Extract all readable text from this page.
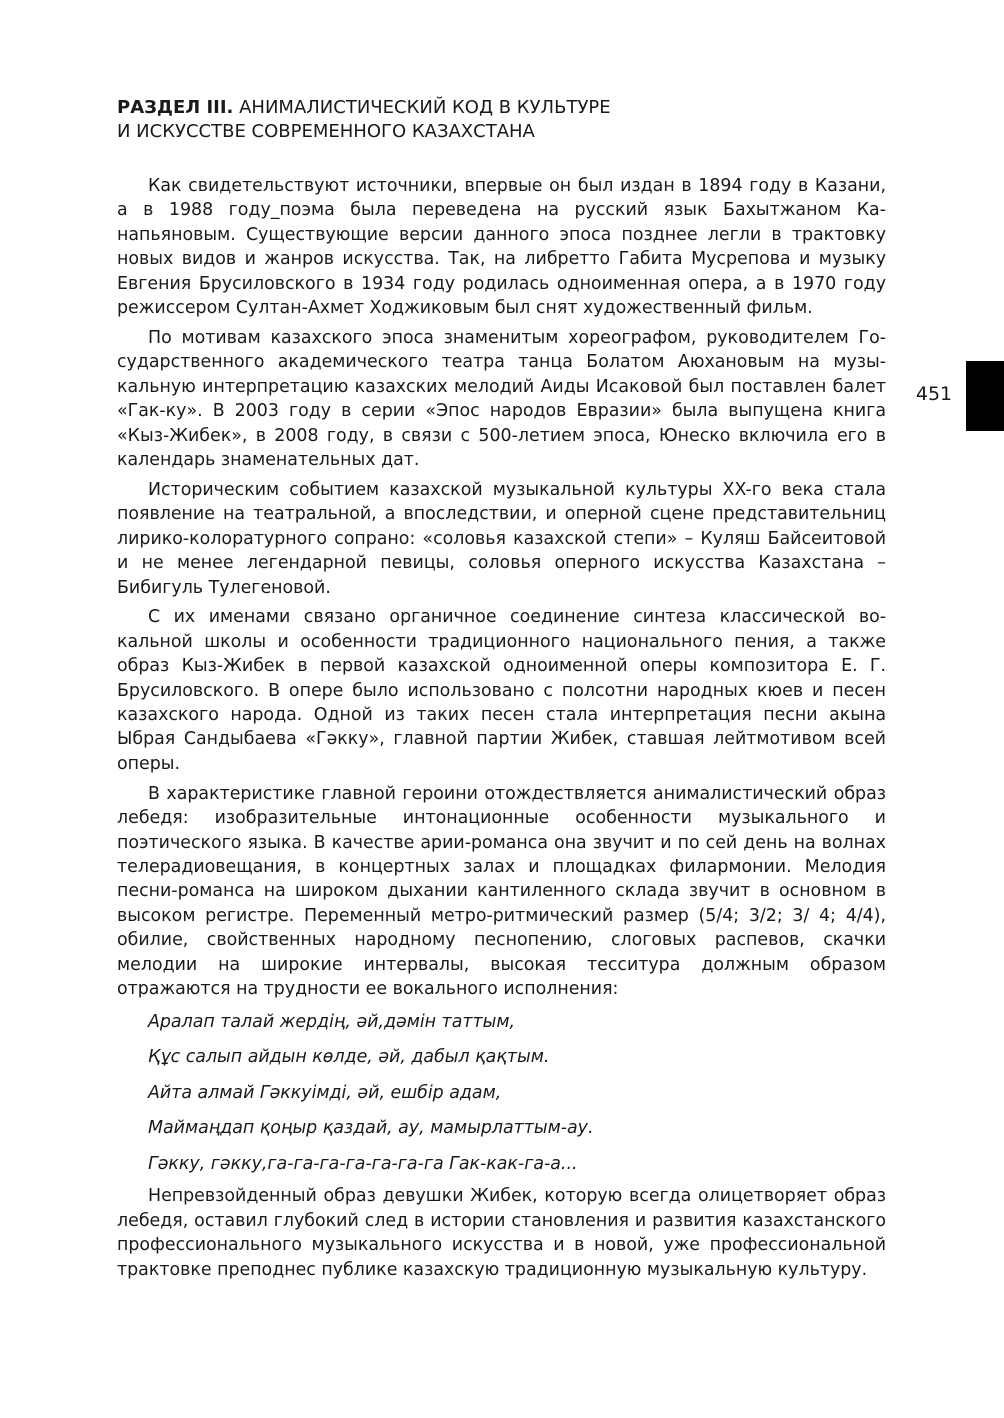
РАЗДЕЛ III. АНИМАЛИСТИЧЕСКИЙ КОД В КУЛЬТУРЕ
И ИСКУССТВЕ СОВРЕМЕННОГО КАЗАХСТАНА
451

Как свидетельствуют источники, впервые он был издан в 1894 году в Казани, а в 1988 году_поэма была переведена на русский язык Бахытжаном Канапьяновым. Существующие версии данного эпоса позднее легли в трактовку новых видов и жанров искусства. Так, на либретто Габита Мусрепова и музыку Евгения Брусиловского в 1934 году родилась одноименная опера, а в 1970 году режиссером Султан-Ахмет Ходжиковым был снят художественный фильм.

По мотивам казахского эпоса знаменитым хореографом, руководителем Государственного академического театра танца Болатом Аюхановым на музыкальную интерпретацию казахских мелодий Аиды Исаковой был поставлен балет «Гак-ку». В 2003 году в серии «Эпос народов Евразии» была выпущена книга «Кыз-Жибек», в 2008 году, в связи с 500-летием эпоса, Юнеско включила его в календарь знаменательных дат.

Историческим событием казахской музыкальной культуры XX-го века стала появление на театральной, а впоследствии, и оперной сцене представительниц лирико-колоратурного сопрано: «соловья казахской степи» – Куляш Байсеитовой и не менее легендарной певицы, соловья оперного искусства Казахстана – Бибигуль Тулегеновой.

С их именами связано органичное соединение синтеза классической вокальной школы и особенности традиционного национального пения, а также образ Кыз-Жибек в первой казахской одноименной оперы композитора Е. Г. Брусиловского. В опере было использовано с полсотни народных кюев и песен казахского народа. Одной из таких песен стала интерпретация песни акына Ыбрая Сандыбаева «Гәкку», главной партии Жибек, ставшая лейтмотивом всей оперы.

В характеристике главной героини отождествляется анималистический образ лебедя: изобразительные интонационные особенности музыкального и поэтического языка. В качестве арии-романса она звучит и по сей день на волнах телерадиовещания, в концертных залах и площадках филармонии. Мелодия песни-романса на широком дыхании кантиленного склада звучит в основном в высоком регистре. Переменный метро-ритмический размер (5/4; 3/2; 3/ 4; 4/4), обилие, свойственных народному песнопению, слоговых распевов, скачки мелодии на широкие интервалы, высокая тесситура должным образом отражаются на трудности ее вокального исполнения:

Аралап талай жердің, әй,дәмін таттым,

Құс салып айдын көлде, әй, дабыл қақтым.

Айта алмай Гәккуімді, әй, ешбір адам,

Маймаңдап қоңыр қаздай, ау, мамырлаттым-ау.

Гәкку, гәкку,га-га-га-га-га-га-га Гак-как-га-а...

Непревзойденный образ девушки Жибек, которую всегда олицетворяет образ лебедя, оставил глубокий след в истории становления и развития казахстанского профессионального музыкального искусства и в новой, уже профессиональной трактовке преподнес публике казахскую традиционную музыкальную культуру.
